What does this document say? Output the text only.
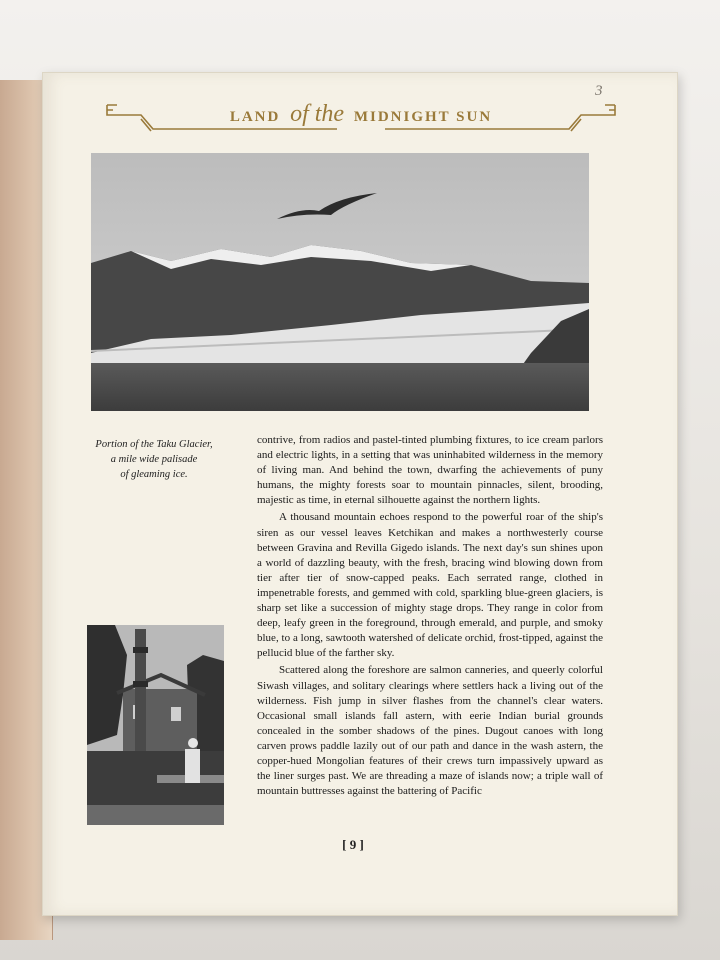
3
LAND of the MIDNIGHT SUN
Portion of the Taku Glacier,
a mile wide palisade
of gleaming ice.

contrive, from radios and pastel-tinted plumbing fixtures, to ice cream parlors and electric lights, in a setting that was uninhabited wilderness in the memory of living man. And behind the town, dwarfing the achievements of puny humans, the mighty forests soar to mountain pinnacles, silent, brooding, majestic as time, in eternal silhouette against the northern lights.

A thousand mountain echoes respond to the powerful roar of the ship's siren as our vessel leaves Ketchikan and makes a northwesterly course between Gravina and Revilla Gigedo islands. The next day's sun shines upon a world of dazzling beauty, with the fresh, bracing wind blowing down from tier after tier of snow-capped peaks. Each serrated range, clothed in impenetrable forests, and gemmed with cold, sparkling blue-green glaciers, is sharp set like a succession of mighty stage drops. They range in color from deep, leafy green in the foreground, through emerald, and purple, and smoky blue, to a long, sawtooth watershed of delicate orchid, frost-tipped, against the pellucid blue of the farther sky.

Scattered along the foreshore are salmon canneries, and queerly colorful Siwash villages, and solitary clearings where settlers hack a living out of the wilderness. Fish jump in silver flashes from the channel's clear waters. Occasional small islands fall astern, with eerie Indian burial grounds concealed in the somber shadows of the pines. Dugout canoes with long carven prows paddle lazily out of our path and dance in the wash astern, the copper-hued Mongolian features of their crews turn impassively upward as the liner surges past. We are threading a maze of islands now; a triple wall of mountain buttresses against the battering of Pacific

[ 9 ]
